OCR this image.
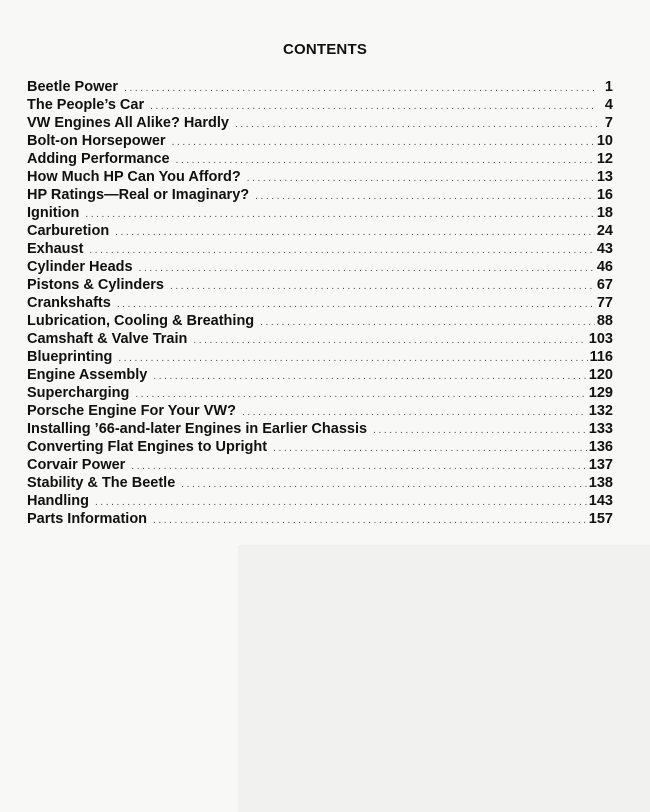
CONTENTS
Beetle Power .....	1
The People’s Car .....	4
VW Engines All Alike? Hardly .....	7
Bolt-on Horsepower .....	10
Adding Performance .....	12
How Much HP Can You Afford? .....	13
HP Ratings—Real or Imaginary? .....	16
Ignition .....	18
Carburetion .....	24
Exhaust .....	43
Cylinder Heads .....	46
Pistons & Cylinders .....	67
Crankshafts .....	77
Lubrication, Cooling & Breathing .....	88
Camshaft & Valve Train .....	103
Blueprinting .....	116
Engine Assembly .....	120
Supercharging .....	129
Porsche Engine For Your VW? .....	132
Installing ’66-and-later Engines in Earlier Chassis .....	133
Converting Flat Engines to Upright .....	136
Corvair Power .....	137
Stability & The Beetle .....	138
Handling .....	143
Parts Information .....	157
